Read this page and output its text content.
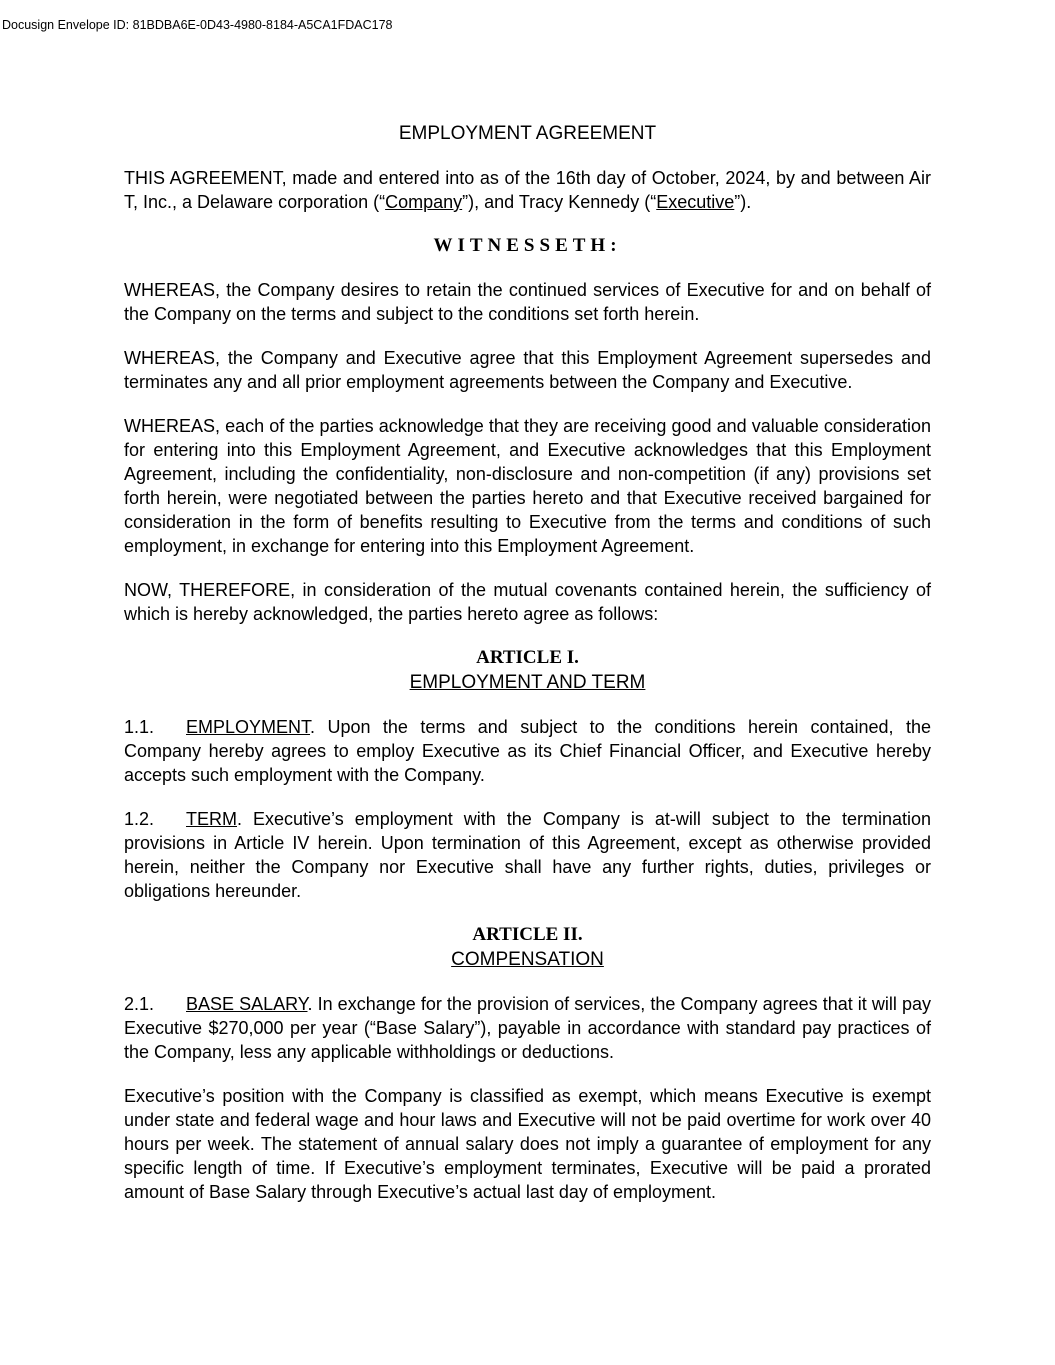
Docusign Envelope ID: 81BDBA6E-0D43-4980-8184-A5CA1FDAC178
EMPLOYMENT AGREEMENT

THIS AGREEMENT, made and entered into as of the 16th day of October, 2024, by and between Air T, Inc., a Delaware corporation (“Company”), and Tracy Kennedy (“Executive”).

WITNESSETH:

WHEREAS, the Company desires to retain the continued services of Executive for and on behalf of the Company on the terms and subject to the conditions set forth herein.

WHEREAS, the Company and Executive agree that this Employment Agreement supersedes and terminates any and all prior employment agreements between the Company and Executive.

WHEREAS, each of the parties acknowledge that they are receiving good and valuable consideration for entering into this Employment Agreement, and Executive acknowledges that this Employment Agreement, including the confidentiality, non-disclosure and non-competition (if any) provisions set forth herein, were negotiated between the parties hereto and that Executive received bargained for consideration in the form of benefits resulting to Executive from the terms and conditions of such employment, in exchange for entering into this Employment Agreement.

NOW, THEREFORE, in consideration of the mutual covenants contained herein, the sufficiency of which is hereby acknowledged, the parties hereto agree as follows:

ARTICLE I.
EMPLOYMENT AND TERM

1.1. EMPLOYMENT. Upon the terms and subject to the conditions herein contained, the Company hereby agrees to employ Executive as its Chief Financial Officer, and Executive hereby accepts such employment with the Company.

1.2. TERM. Executive’s employment with the Company is at-will subject to the termination provisions in Article IV herein. Upon termination of this Agreement, except as otherwise provided herein, neither the Company nor Executive shall have any further rights, duties, privileges or obligations hereunder.

ARTICLE II.
COMPENSATION

2.1. BASE SALARY. In exchange for the provision of services, the Company agrees that it will pay Executive $270,000 per year (“Base Salary”), payable in accordance with standard pay practices of the Company, less any applicable withholdings or deductions.

Executive’s position with the Company is classified as exempt, which means Executive is exempt under state and federal wage and hour laws and Executive will not be paid overtime for work over 40 hours per week. The statement of annual salary does not imply a guarantee of employment for any specific length of time. If Executive’s employment terminates, Executive will be paid a prorated amount of Base Salary through Executive’s actual last day of employment.
